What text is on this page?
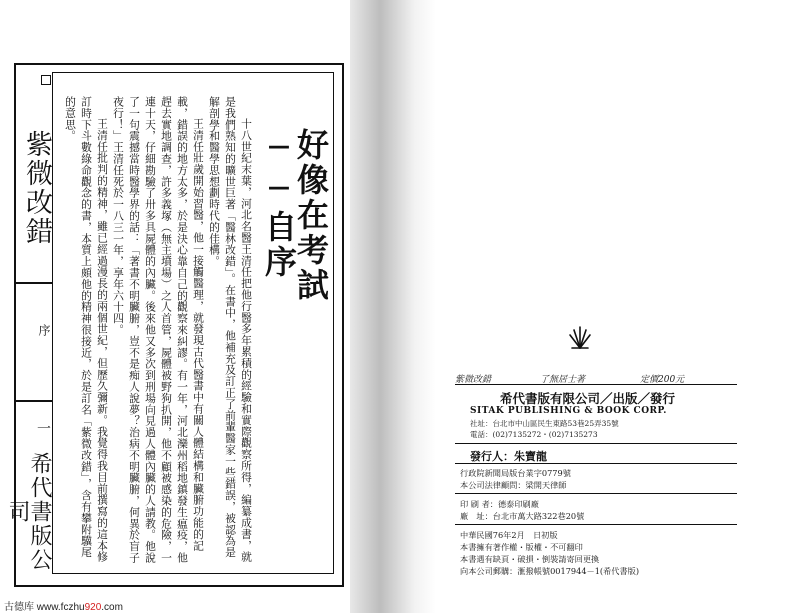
紫微改錯
序
一
希代書版公司
好像在考試──自序

十八世紀末葉，河北名醫王清任把他行醫多年累積的經驗和實際觀察所得，編纂成書，就是我們熟知的曠世巨著「醫林改錯」。在書中，他補充及訂正了前輩醫家一些錯誤，被認為是解剖學和醫學思想劃時代的佳構。

王清任壯歲開始習醫，他一接觸醫理，就發現古代醫書中有關人體結構和臟腑功能的記載，錯誤的地方太多，於是決心靠自己的觀察來糾謬。有一年，河北灤州稻地鎮發生瘟疫，他趕去實地調查，許多義塚（無主墳場）之人首管，屍體被野狗扒開，他不顧被感染的危險，一連十天，仔細勘驗了卅多具屍體的內臟。後來他又多次到刑場向見過人體內臟的人請教。他說了一句震撼當時醫學界的話：「著書不明臟腑，豈不是痴人說夢？治病不明臟腑，何異於盲子夜行！」王清任死於一八三一年，享年六十四。

王清任批判的精神，雖已經過漫長的兩個世紀，但歷久彌新。我覺得我目前撰寫的這本修訂時下斗數綠命觀念的書，本質上頗他的精神很接近，於是訂名「紫微改錯」，含有攀附驥尾的意思。

紫微改錯	了無居士著	定價200元
希代書版有限公司／出版／發行
SITAK PUBLISHING & BOOK CORP.
社址：台北市中山區民生東路53巷25弄35號
電話：(02)7135272・(02)7135273
發行人：朱寶龍
行政院新聞局版台業字0779號
本公司法律顧問：梁開天律師
印 刷 者：德泰印刷廠
廠　址：台北市萬大路322巷20號
中華民國76年2月　日初版
本書擁有著作權・版權・不可翻印
本書遇有缺頁・破損・倒裝請寄回更換
向本公司郵購：滙撥帳號0017944－1(希代書版)
古德库 www.fczhu920.com
